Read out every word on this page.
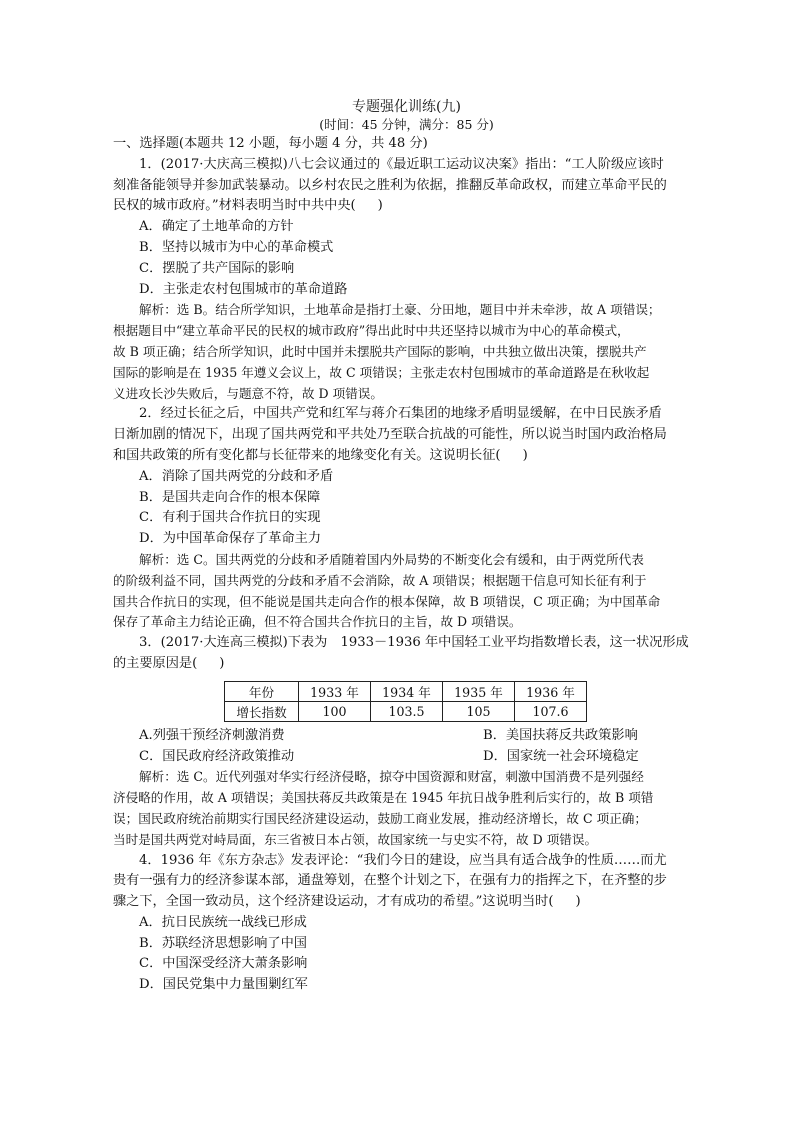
专题强化训练(九)
(时间：45 分钟，满分：85 分)
一、选择题(本题共 12 小题，每小题 4 分，共 48 分)
1．(2017·大庆高三模拟)八七会议通过的《最近职工运动议决案》指出：“工人阶级应该时
刻准备能领导并参加武装暴动。以乡村农民之胜利为依据，推翻反革命政权，而建立革命平民的
民权的城市政府。”材料表明当时中共中央( )
A．确定了土地革命的方针
B．坚持以城市为中心的革命模式
C．摆脱了共产国际的影响
D．主张走农村包围城市的革命道路
解析：选 B。结合所学知识，土地革命是指打土豪、分田地，题目中并未牵涉，故 A 项错误；
根据题目中“建立革命平民的民权的城市政府”得出此时中共还坚持以城市为中心的革命模式，
故 B 项正确；结合所学知识，此时中国并未摆脱共产国际的影响，中共独立做出决策，摆脱共产
国际的影响是在 1935 年遵义会议上，故 C 项错误；主张走农村包围城市的革命道路是在秋收起
义进攻长沙失败后，与题意不符，故 D 项错误。
2．经过长征之后，中国共产党和红军与蒋介石集团的地缘矛盾明显缓解，在中日民族矛盾
日渐加剧的情况下，出现了国共两党和平共处乃至联合抗战的可能性，所以说当时国内政治格局
和国共政策的所有变化都与长征带来的地缘变化有关。这说明长征( )
A．消除了国共两党的分歧和矛盾
B．是国共走向合作的根本保障
C．有利于国共合作抗日的实现
D．为中国革命保存了革命主力
解析：选 C。国共两党的分歧和矛盾随着国内外局势的不断变化会有缓和，由于两党所代表
的阶级利益不同，国共两党的分歧和矛盾不会消除，故 A 项错误；根据题干信息可知长征有利于
国共合作抗日的实现，但不能说是国共走向合作的根本保障，故 B 项错误，C 项正确；为中国革命
保存了革命主力结论正确，但不符合国共合作抗日的主旨，故 D 项错误。
3．(2017·大连高三模拟)下表为　1933－1936 年中国轻工业平均指数增长表，这一状况形成
的主要原因是( )
年份	1933 年	1934 年	1935 年	1936 年
增长指数	100	103.5	105	107.6
A.列强干预经济刺激消费	B．美国扶蒋反共政策影响
C．国民政府经济政策推动	D．国家统一社会环境稳定
解析：选 C。近代列强对华实行经济侵略，掠夺中国资源和财富，刺激中国消费不是列强经
济侵略的作用，故 A 项错误；美国扶蒋反共政策是在 1945 年抗日战争胜利后实行的，故 B 项错
误；国民政府统治前期实行国民经济建设运动，鼓励工商业发展，推动经济增长，故 C 项正确；
当时是国共两党对峙局面，东三省被日本占领，故国家统一与史实不符，故 D 项错误。
4．1936 年《东方杂志》发表评论：“我们今日的建设，应当具有适合战争的性质……而尤
贵有一强有力的经济参谋本部，通盘筹划，在整个计划之下，在强有力的指挥之下，在齐整的步
骤之下，全国一致动员，这个经济建设运动，才有成功的希望。”这说明当时( )
A．抗日民族统一战线已形成
B．苏联经济思想影响了中国
C．中国深受经济大萧条影响
D．国民党集中力量围剿红军
